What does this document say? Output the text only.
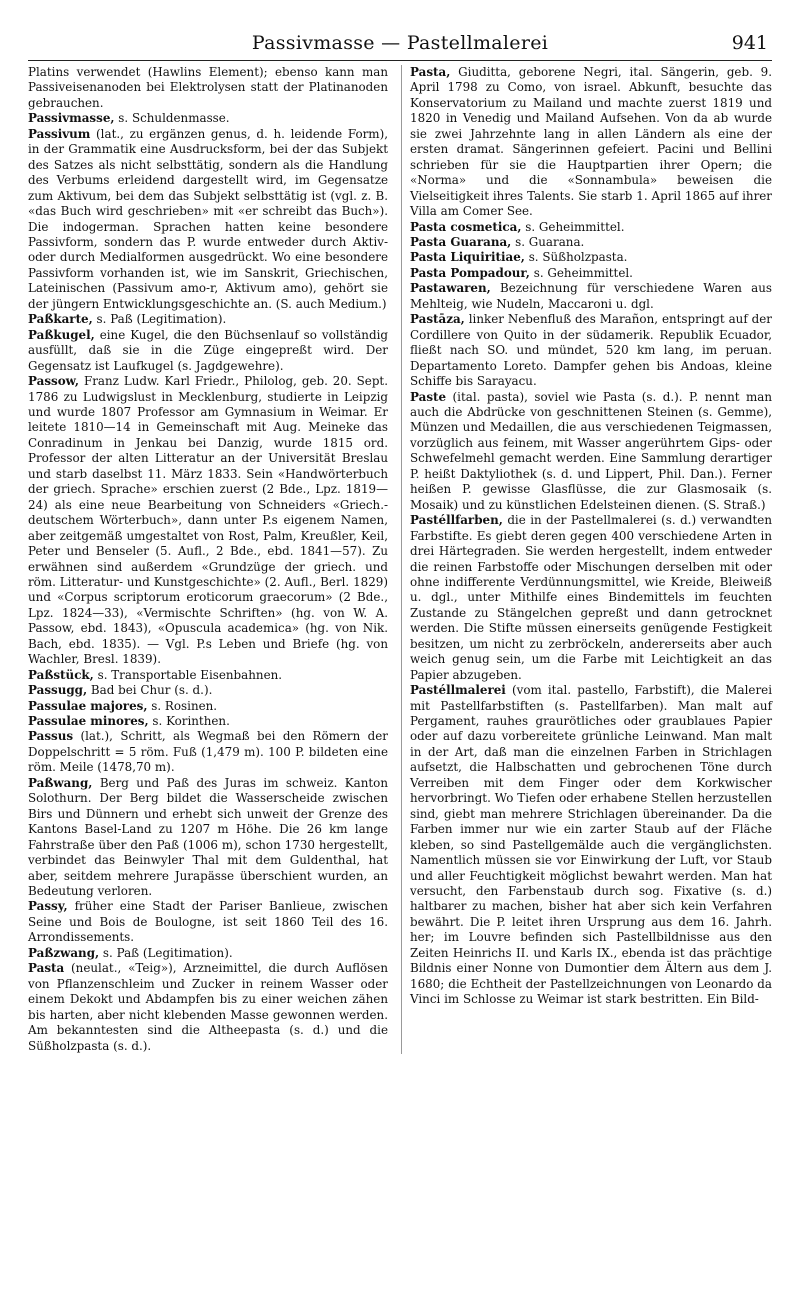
Passivmasse — Pastellmalerei	941

Platins verwendet (Hawlins Element); ebenso kann man Passiveisenanoden bei Elektrolysen statt der Platinanoden gebrauchen.

Passivmasse, s. Schuldenmasse.

Passivum (lat., zu ergänzen genus, d. h. leidende Form), in der Grammatik eine Ausdrucksform, bei der das Subjekt des Satzes als nicht selbsttätig, sondern als die Handlung des Verbums erleidend dargestellt wird, im Gegensatze zum Aktivum, bei dem das Subjekt selbsttätig ist (vgl. z. B. «das Buch wird geschrieben» mit «er schreibt das Buch»). Die indogerman. Sprachen hatten keine besondere Passivform, sondern das P. wurde entweder durch Aktiv- oder durch Medialformen ausgedrückt. Wo eine besondere Passivform vorhanden ist, wie im Sanskrit, Griechischen, Lateinischen (Passivum amo-r, Aktivum amo), gehört sie der jüngern Entwicklungsgeschichte an. (S. auch Medium.)

Paßkarte, s. Paß (Legitimation).

Paßkugel, eine Kugel, die den Büchsenlauf so vollständig ausfüllt, daß sie in die Züge eingepreßt wird. Der Gegensatz ist Laufkugel (s. Jagdgewehre).

Passow, Franz Ludw. Karl Friedr., Philolog, geb. 20. Sept. 1786 zu Ludwigslust in Mecklenburg, studierte in Leipzig und wurde 1807 Professor am Gymnasium in Weimar. Er leitete 1810—14 in Gemeinschaft mit Aug. Meineke das Conradinum in Jenkau bei Danzig, wurde 1815 ord. Professor der alten Litteratur an der Universität Breslau und starb daselbst 11. März 1833. Sein «Handwörterbuch der griech. Sprache» erschien zuerst (2 Bde., Lpz. 1819—24) als eine neue Bearbeitung von Schneiders «Griech.-deutschem Wörterbuch», dann unter P.s eigenem Namen, aber zeitgemäß umgestaltet von Rost, Palm, Kreußler, Keil, Peter und Benseler (5. Aufl., 2 Bde., ebd. 1841—57). Zu erwähnen sind außerdem «Grundzüge der griech. und röm. Litteratur- und Kunstgeschichte» (2. Aufl., Berl. 1829) und «Corpus scriptorum eroticorum graecorum» (2 Bde., Lpz. 1824—33), «Vermischte Schriften» (hg. von W. A. Passow, ebd. 1843), «Opuscula academica» (hg. von Nik. Bach, ebd. 1835). — Vgl. P.s Leben und Briefe (hg. von Wachler, Bresl. 1839).

Paßstück, s. Transportable Eisenbahnen.

Passugg, Bad bei Chur (s. d.).

Passulae majores, s. Rosinen.

Passulae minores, s. Korinthen.

Passus (lat.), Schritt, als Wegmaß bei den Römern der Doppelschritt = 5 röm. Fuß (1,479 m). 100 P. bildeten eine röm. Meile (1478,70 m).

Paßwang, Berg und Paß des Juras im schweiz. Kanton Solothurn. Der Berg bildet die Wasserscheide zwischen Birs und Dünnern und erhebt sich unweit der Grenze des Kantons Basel-Land zu 1207 m Höhe. Die 26 km lange Fahrstraße über den Paß (1006 m), schon 1730 hergestellt, verbindet das Beinwyler Thal mit dem Guldenthal, hat aber, seitdem mehrere Jurapässe überschient wurden, an Bedeutung verloren.

Passy, früher eine Stadt der Pariser Banlieue, zwischen Seine und Bois de Boulogne, ist seit 1860 Teil des 16. Arrondissements.

Paßzwang, s. Paß (Legitimation).

Pasta (neulat., «Teig»), Arzneimittel, die durch Auflösen von Pflanzenschleim und Zucker in reinem Wasser oder einem Dekokt und Abdampfen bis zu einer weichen zähen bis harten, aber nicht klebenden Masse gewonnen werden. Am bekanntesten sind die Altheepasta (s. d.) und die Süßholzpasta (s. d.).

Pasta, Giuditta, geborene Negri, ital. Sängerin, geb. 9. April 1798 zu Como, von israel. Abkunft, besuchte das Konservatorium zu Mailand und machte zuerst 1819 und 1820 in Venedig und Mailand Aufsehen. Von da ab wurde sie zwei Jahrzehnte lang in allen Ländern als eine der ersten dramat. Sängerinnen gefeiert. Pacini und Bellini schrieben für sie die Hauptpartien ihrer Opern; die «Norma» und die «Sonnambula» beweisen die Vielseitigkeit ihres Talents. Sie starb 1. April 1865 auf ihrer Villa am Comer See.

Pasta cosmetica, s. Geheimmittel.

Pasta Guarana, s. Guarana.

Pasta Liquiritiae, s. Süßholzpasta.

Pasta Pompadour, s. Geheimmittel.

Pastawaren, Bezeichnung für verschiedene Waren aus Mehlteig, wie Nudeln, Maccaroni u. dgl.

Pastāza, linker Nebenfluß des Marañon, entspringt auf der Cordillere von Quito in der südamerik. Republik Ecuador, fließt nach SO. und mündet, 520 km lang, im peruan. Departamento Loreto. Dampfer gehen bis Andoas, kleine Schiffe bis Sarayacu.

Paste (ital. pasta), soviel wie Pasta (s. d.). P. nennt man auch die Abdrücke von geschnittenen Steinen (s. Gemme), Münzen und Medaillen, die aus verschiedenen Teigmassen, vorzüglich aus feinem, mit Wasser angerührtem Gips- oder Schwefelmehl gemacht werden. Eine Sammlung derartiger P. heißt Daktyliothek (s. d. und Lippert, Phil. Dan.). Ferner heißen P. gewisse Glasflüsse, die zur Glasmosaik (s. Mosaik) und zu künstlichen Edelsteinen dienen. (S. Straß.)

Pastéllfarben, die in der Pastellmalerei (s. d.) verwandten Farbstifte. Es giebt deren gegen 400 verschiedene Arten in drei Härtegraden. Sie werden hergestellt, indem entweder die reinen Farbstoffe oder Mischungen derselben mit oder ohne indifferente Verdünnungsmittel, wie Kreide, Bleiweiß u. dgl., unter Mithilfe eines Bindemittels im feuchten Zustande zu Stängelchen gepreßt und dann getrocknet werden. Die Stifte müssen einerseits genügende Festigkeit besitzen, um nicht zu zerbröckeln, andererseits aber auch weich genug sein, um die Farbe mit Leichtigkeit an das Papier abzugeben.

Pastéllmalerei (vom ital. pastello, Farbstift), die Malerei mit Pastellfarbstiften (s. Pastellfarben). Man malt auf Pergament, rauhes graurötliches oder graublaues Papier oder auf dazu vorbereitete grünliche Leinwand. Man malt in der Art, daß man die einzelnen Farben in Strichlagen aufsetzt, die Halbschatten und gebrochenen Töne durch Verreiben mit dem Finger oder dem Korkwischer hervorbringt. Wo Tiefen oder erhabene Stellen herzustellen sind, giebt man mehrere Strichlagen übereinander. Da die Farben immer nur wie ein zarter Staub auf der Fläche kleben, so sind Pastellgemälde auch die vergänglichsten. Namentlich müssen sie vor Einwirkung der Luft, vor Staub und aller Feuchtigkeit möglichst bewahrt werden. Man hat versucht, den Farbenstaub durch sog. Fixative (s. d.) haltbarer zu machen, bisher hat aber sich kein Verfahren bewährt. Die P. leitet ihren Ursprung aus dem 16. Jahrh. her; im Louvre befinden sich Pastellbildnisse aus den Zeiten Heinrichs II. und Karls IX., ebenda ist das prächtige Bildnis einer Nonne von Dumontier dem Ältern aus dem J. 1680; die Echtheit der Pastellzeichnungen von Leonardo da Vinci im Schlosse zu Weimar ist stark bestritten. Ein Bild-
